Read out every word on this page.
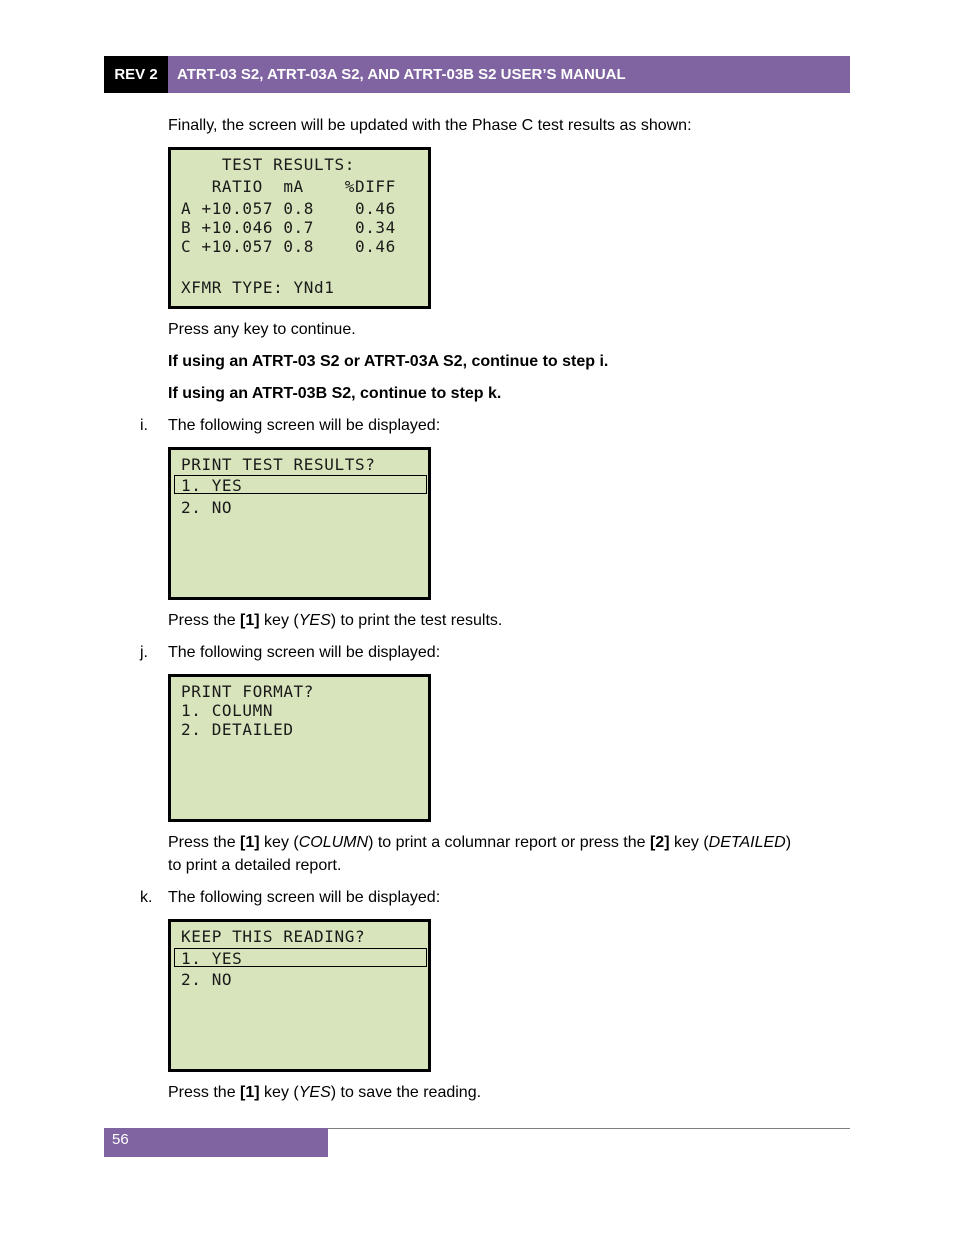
REV 2	ATRT-03 S2, ATRT-03A S2, AND ATRT-03B S2 USER’S MANUAL
Finally, the screen will be updated with the Phase C test results as shown:
TEST RESULTS:
RATIO  mA    %DIFF
A +10.057 0.8    0.46
B +10.046 0.7    0.34
C +10.057 0.8    0.46
XFMR TYPE: YNd1
Press any key to continue.
If using an ATRT-03 S2 or ATRT-03A S2, continue to step i.
If using an ATRT-03B S2, continue to step k.
i. The following screen will be displayed:
PRINT TEST RESULTS?
1. YES
2. NO
Press the [1] key (YES) to print the test results.
j. The following screen will be displayed:
PRINT FORMAT?
1. COLUMN
2. DETAILED
Press the [1] key (COLUMN) to print a columnar report or press the [2] key (DETAILED)
to print a detailed report.
k. The following screen will be displayed:
KEEP THIS READING?
1. YES
2. NO
Press the [1] key (YES) to save the reading.
56
